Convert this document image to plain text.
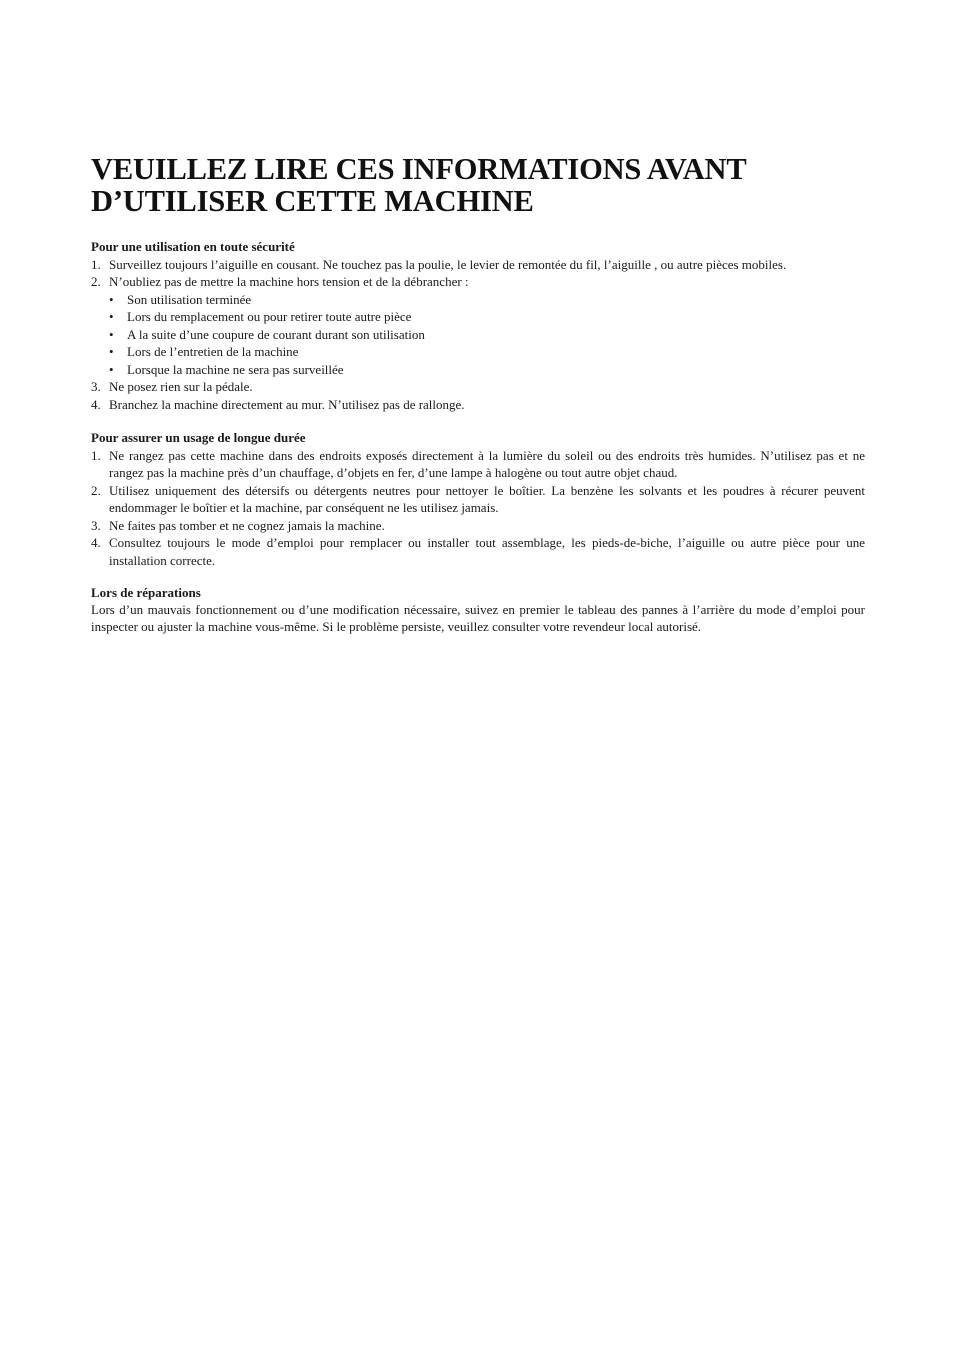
VEUILLEZ LIRE CES INFORMATIONS AVANT
D’UTILISER CETTE MACHINE
Pour une utilisation en toute sécurité
1. Surveillez toujours l’aiguille en cousant. Ne touchez pas la poulie, le levier de remontée du fil, l’aiguille , ou autre pièces mobiles.
2. N’oubliez pas de mettre la machine hors tension et de la débrancher :
• Son utilisation terminée
• Lors du remplacement ou pour retirer toute autre pièce
• A la suite d’une coupure de courant durant son utilisation
• Lors de l’entretien de la machine
• Lorsque la machine ne sera pas surveillée
3. Ne posez rien sur la pédale.
4. Branchez la machine directement au mur. N’utilisez pas de rallonge.
Pour assurer un usage de longue durée
1. Ne rangez pas cette machine dans des endroits exposés directement à la lumière du soleil ou des endroits très humides. N’utilisez pas et ne rangez pas la machine près d’un chauffage, d’objets en fer, d’une lampe à halogène ou tout autre objet chaud.
2. Utilisez uniquement des détersifs ou détergents neutres pour nettoyer le boîtier. La benzène les solvants et les poudres à récurer peuvent endommager le boîtier et la machine, par conséquent ne les utilisez jamais.
3. Ne faites pas tomber et ne cognez jamais la machine.
4. Consultez toujours le mode d’emploi pour remplacer ou installer tout assemblage, les pieds-de-biche, l’aiguille ou autre pièce pour une installation correcte.
Lors de réparations

Lors d’un mauvais fonctionnement ou d’une modification nécessaire, suivez en premier le tableau des pannes à l’arrière du mode d’emploi pour inspecter ou ajuster la machine vous-même. Si le problème persiste, veuillez consulter votre revendeur local autorisé.
